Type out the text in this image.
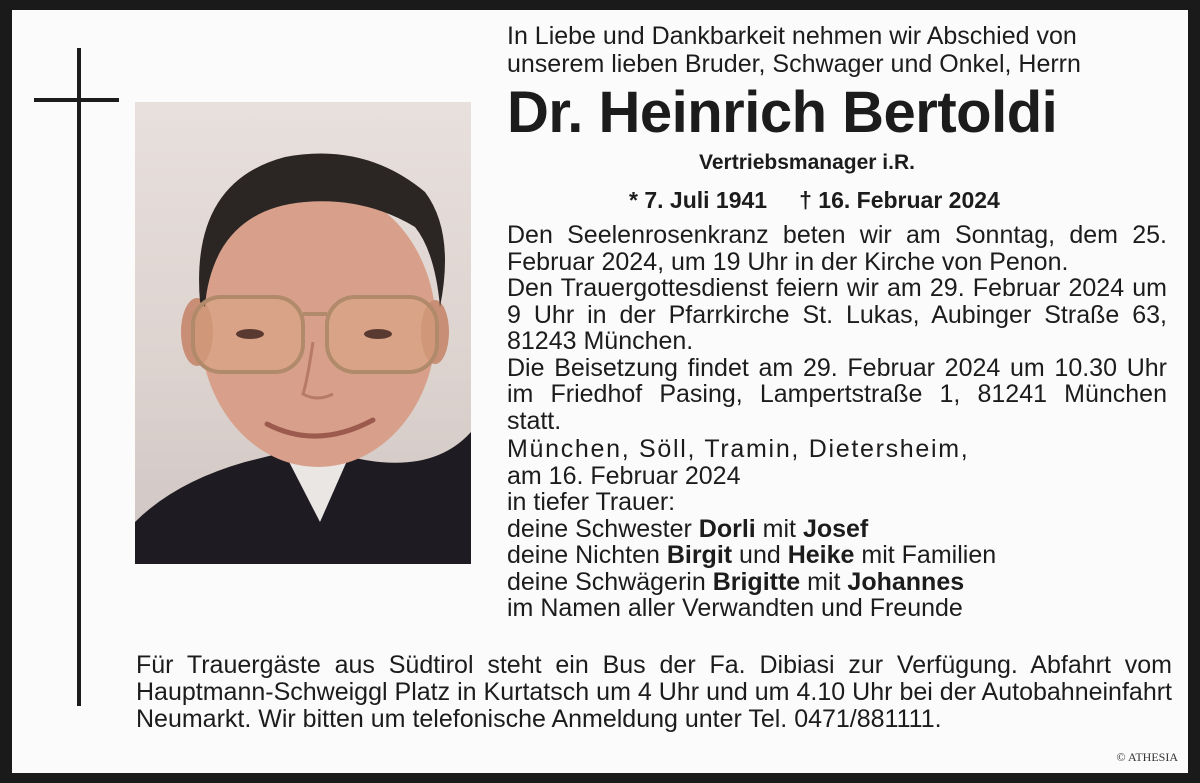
In Liebe und Dankbarkeit nehmen wir Abschied von
unserem lieben Bruder, Schwager und Onkel, Herrn

Dr. Heinrich Bertoldi

Vertriebsmanager i.R.

* 7. Juli 1941 † 16. Februar 2024

Den Seelenrosenkranz beten wir am Sonntag, dem 25. Februar 2024, um 19 Uhr in der Kirche von Penon.

Den Trauergottesdienst feiern wir am 29. Februar 2024 um 9 Uhr in der Pfarrkirche St. Lukas, Aubinger Straße 63, 81243 München.

Die Beisetzung findet am 29. Februar 2024 um 10.30 Uhr im Friedhof Pasing, Lampertstraße 1, 81241 München statt.

München, Söll, Tramin, Dietersheim,

am 16. Februar 2024

in tiefer Trauer:

deine Schwester Dorli mit Josef

deine Nichten Birgit und Heike mit Familien

deine Schwägerin Brigitte mit Johannes

im Namen aller Verwandten und Freunde

Für Trauergäste aus Südtirol steht ein Bus der Fa. Dibiasi zur Verfügung. Abfahrt vom Hauptmann-Schweiggl Platz in Kurtatsch um 4 Uhr und um 4.10 Uhr bei der Autobahneinfahrt Neumarkt. Wir bitten um telefonische Anmeldung unter Tel. 0471/881111.

© ATHESIA
